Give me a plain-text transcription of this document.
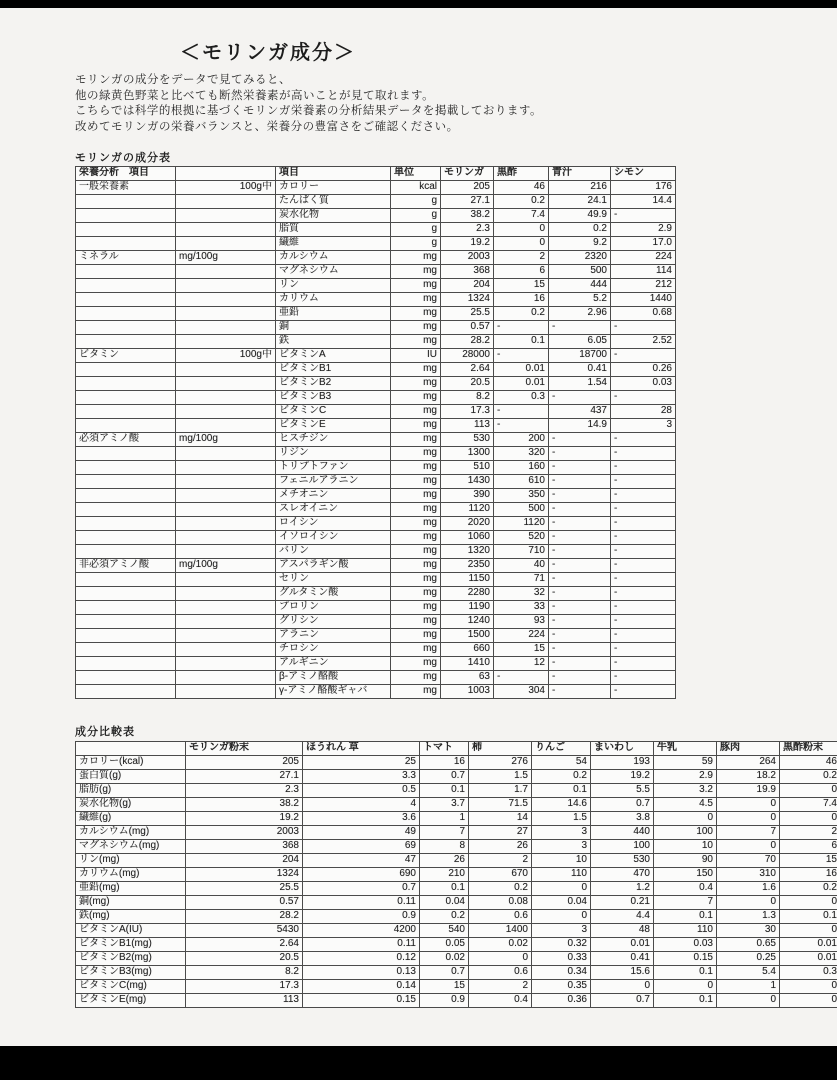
＜モリンガ成分＞
モリンガの成分をデータで見てみると、
他の緑黄色野菜と比べても断然栄養素が高いことが見て取れます。
こちらでは科学的根拠に基づくモリンガ栄養素の分析結果データを掲載しております。
改めてモリンガの栄養バランスと、栄養分の豊富さをご確認ください。
モリンガの成分表
栄養分析　項目		項目	単位	モリンガ	黒酢	青汁	シモン
一般栄養素	100g中	カロリー	kcal	205	46	216	176
		たんぱく質	g	27.1	0.2	24.1	14.4
		炭水化物	g	38.2	7.4	49.9	-
		脂質	g	2.3	0	0.2	2.9
		繊維	g	19.2	0	9.2	17.0
ミネラル	mg/100g	カルシウム	mg	2003	2	2320	224
		マグネシウム	mg	368	6	500	114
		リン	mg	204	15	444	212
		カリウム	mg	1324	16	5.2	1440
		亜鉛	mg	25.5	0.2	2.96	0.68
		銅	mg	0.57	-	-	-
		鉄	mg	28.2	0.1	6.05	2.52
ビタミン	100g中	ビタミンA	IU	28000	-	18700	-
		ビタミンB1	mg	2.64	0.01	0.41	0.26
		ビタミンB2	mg	20.5	0.01	1.54	0.03
		ビタミンB3	mg	8.2	0.3	-	-
		ビタミンC	mg	17.3	-	437	28
		ビタミンE	mg	113	-	14.9	3
必須アミノ酸	mg/100g	ヒスチジン	mg	530	200	-	-
		リジン	mg	1300	320	-	-
		トリプトファン	mg	510	160	-	-
		フェニルアラニン	mg	1430	610	-	-
		メチオニン	mg	390	350	-	-
		スレオイニン	mg	1120	500	-	-
		ロイシン	mg	2020	1120	-	-
		イソロイシン	mg	1060	520	-	-
		バリン	mg	1320	710	-	-
非必須アミノ酸	mg/100g	アスパラギン酸	mg	2350	40	-	-
		セリン	mg	1150	71	-	-
		グルタミン酸	mg	2280	32	-	-
		プロリン	mg	1190	33	-	-
		グリシン	mg	1240	93	-	-
		アラニン	mg	1500	224	-	-
		チロシン	mg	660	15	-	-
		アルギニン	mg	1410	12	-	-
		β-アミノ酪酸	mg	63	-	-	-
		γ-アミノ酪酸ギャバ	mg	1003	304	-	-
成分比較表
	モリンガ粉末	ほうれん 草	トマト	柿	りんご	まいわし	牛乳	豚肉	黒酢粉末
カロリー(kcal)	205	25	16	276	54	193	59	264	46
蛋白質(g)	27.1	3.3	0.7	1.5	0.2	19.2	2.9	18.2	0.2
脂肪(g)	2.3	0.5	0.1	1.7	0.1	5.5	3.2	19.9	0
炭水化物(g)	38.2	4	3.7	71.5	14.6	0.7	4.5	0	7.4
繊維(g)	19.2	3.6	1	14	1.5	3.8	0	0	0
カルシウム(mg)	2003	49	7	27	3	440	100	7	2
マグネシウム(mg)	368	69	8	26	3	100	10	0	6
リン(mg)	204	47	26	2	10	530	90	70	15
カリウム(mg)	1324	690	210	670	110	470	150	310	16
亜鉛(mg)	25.5	0.7	0.1	0.2	0	1.2	0.4	1.6	0.2
銅(mg)	0.57	0.11	0.04	0.08	0.04	0.21	7	0	0
鉄(mg)	28.2	0.9	0.2	0.6	0	4.4	0.1	1.3	0.1
ビタミンA(IU)	5430	4200	540	1400	3	48	110	30	0
ビタミンB1(mg)	2.64	0.11	0.05	0.02	0.32	0.01	0.03	0.65	0.01
ビタミンB2(mg)	20.5	0.12	0.02	0	0.33	0.41	0.15	0.25	0.01
ビタミンB3(mg)	8.2	0.13	0.7	0.6	0.34	15.6	0.1	5.4	0.3
ビタミンC(mg)	17.3	0.14	15	2	0.35	0	0	1	0
ビタミンE(mg)	113	0.15	0.9	0.4	0.36	0.7	0.1	0	0
